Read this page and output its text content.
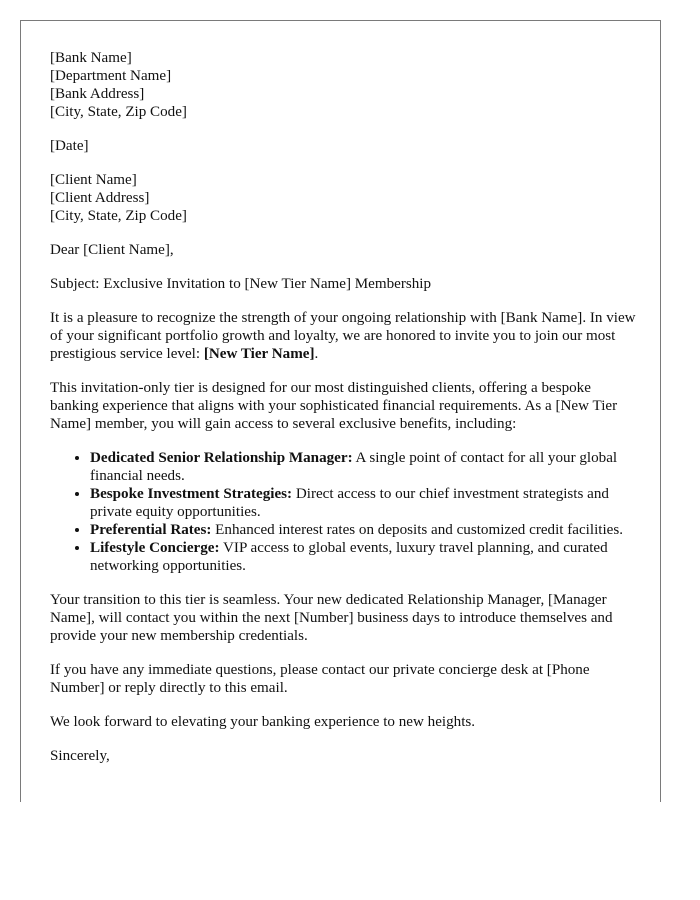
[Bank Name]
[Department Name]
[Bank Address]
[City, State, Zip Code]
[Date]
[Client Name]
[Client Address]
[City, State, Zip Code]

Dear [Client Name],

Subject: Exclusive Invitation to [New Tier Name] Membership

It is a pleasure to recognize the strength of your ongoing relationship with [Bank Name]. In view of your significant portfolio growth and loyalty, we are honored to invite you to join our most prestigious service level: [New Tier Name].

This invitation-only tier is designed for our most distinguished clients, offering a bespoke banking experience that aligns with your sophisticated financial requirements. As a [New Tier Name] member, you will gain access to several exclusive benefits, including:

• Dedicated Senior Relationship Manager: A single point of contact for all your global financial needs.
• Bespoke Investment Strategies: Direct access to our chief investment strategists and private equity opportunities.
• Preferential Rates: Enhanced interest rates on deposits and customized credit facilities.
• Lifestyle Concierge: VIP access to global events, luxury travel planning, and curated networking opportunities.

Your transition to this tier is seamless. Your new dedicated Relationship Manager, [Manager Name], will contact you within the next [Number] business days to introduce themselves and provide your new membership credentials.

If you have any immediate questions, please contact our private concierge desk at [Phone Number] or reply directly to this email.

We look forward to elevating your banking experience to new heights.

Sincerely,
